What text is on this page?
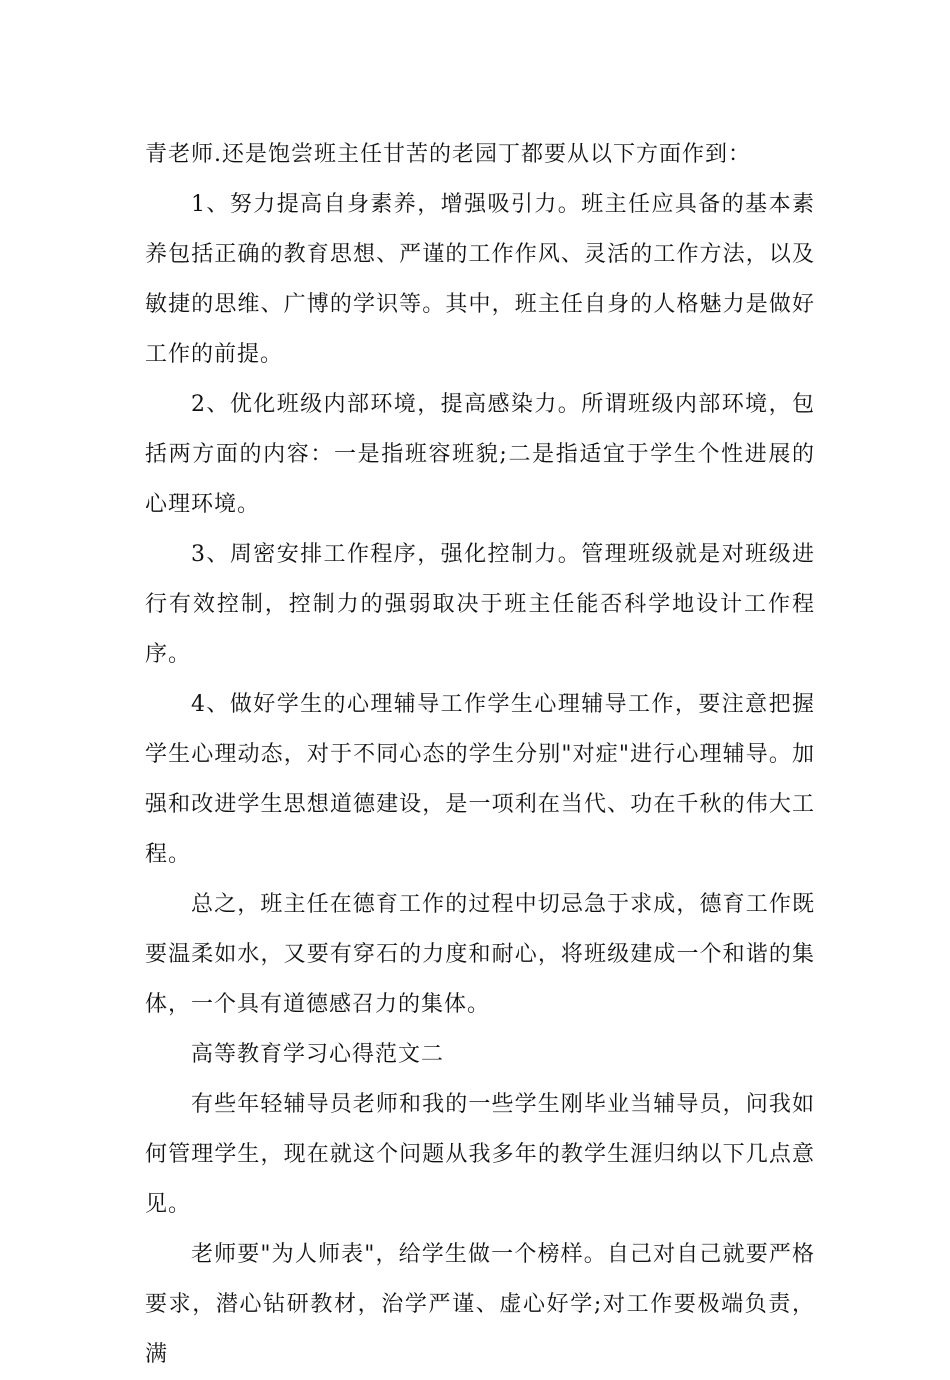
青老师.还是饱尝班主任甘苦的老园丁都要从以下方面作到：

1、努力提高自身素养，增强吸引力。班主任应具备的基本素养包括正确的教育思想、严谨的工作作风、灵活的工作方法，以及敏捷的思维、广博的学识等。其中，班主任自身的人格魅力是做好工作的前提。

2、优化班级内部环境，提高感染力。所谓班级内部环境，包括两方面的内容：一是指班容班貌;二是指适宜于学生个性进展的心理环境。

3、周密安排工作程序，强化控制力。管理班级就是对班级进行有效控制，控制力的强弱取决于班主任能否科学地设计工作程序。

4、做好学生的心理辅导工作学生心理辅导工作，要注意把握学生心理动态，对于不同心态的学生分别"对症"进行心理辅导。加强和改进学生思想道德建设，是一项利在当代、功在千秋的伟大工程。

总之，班主任在德育工作的过程中切忌急于求成，德育工作既要温柔如水，又要有穿石的力度和耐心，将班级建成一个和谐的集体，一个具有道德感召力的集体。

高等教育学习心得范文二

有些年轻辅导员老师和我的一些学生刚毕业当辅导员，问我如何管理学生，现在就这个问题从我多年的教学生涯归纳以下几点意见。

老师要"为人师表"，给学生做一个榜样。自己对自己就要严格要求，潜心钻研教材，治学严谨、虚心好学;对工作要极端负责，满
